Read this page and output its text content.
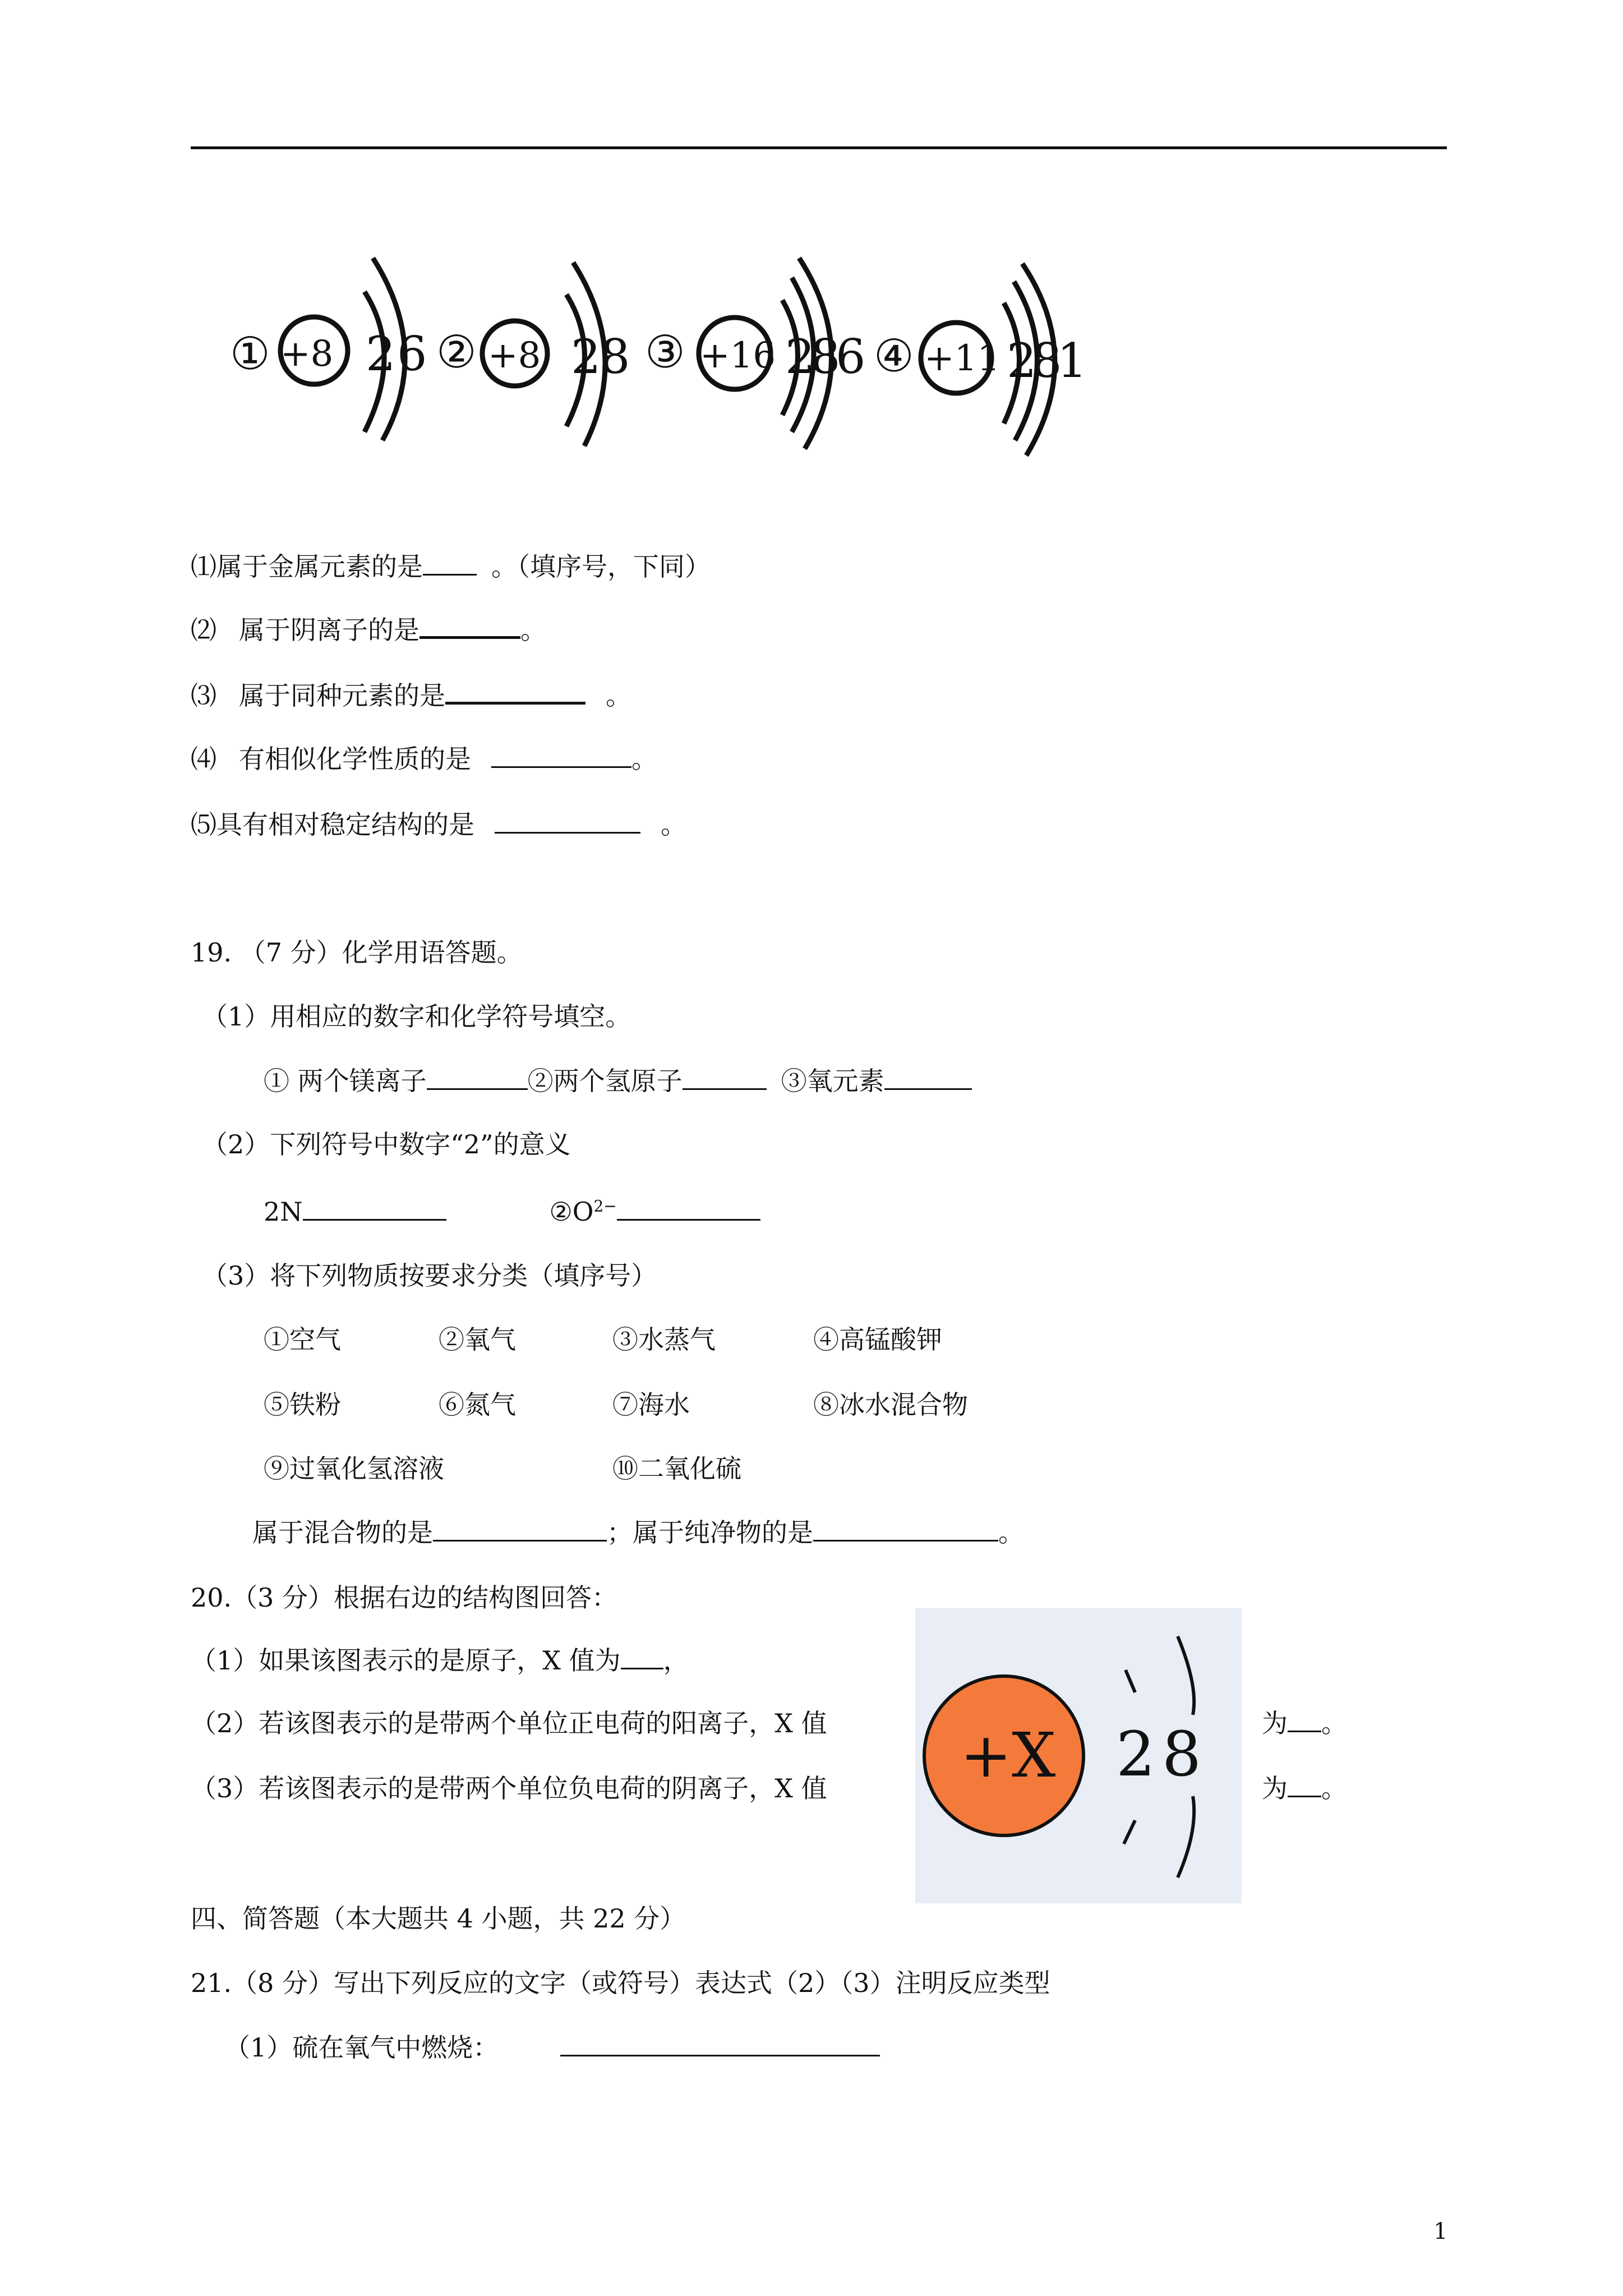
① +8 2 6 ② +8 2
8 ③ +16 2
8
6 ④ +11 2
8
1
⑴属于金属元素的是	。（填序号，下同）
⑵ 属于阴离子的是	。
⑶ 属于同种元素的是	。
⑷ 有相似化学性质的是	。
⑸具有相对稳定结构的是	。
19. （7 分）化学用语答题。
（1）用相应的数字和化学符号填空。
① 两个镁离子	②两个氢原子	③氧元素
（2）下列符号中数字“2”的意义
2N	$②O^{2-}$
（3）将下列物质按要求分类（填序号）
①空气	②氧气	③水蒸气	④高锰酸钾
⑤铁粉	⑥氮气	⑦海水	⑧冰水混合物
⑨过氧化氢溶液	⑩二氧化硫
属于混合物的是	；属于纯净物的是	。
20.（3 分）根据右边的结构图回答：
（1）如果该图表示的是原子，X 值为 ，
（2）若该图表示的是带两个单位正电荷的阳离子，X 值	为 。
（3）若该图表示的是带两个单位负电荷的阴离子，X 值	为 。
+X 2 8
四、简答题（本大题共 4 小题，共 22 分）
21.（8 分）写出下列反应的文字（或符号）表达式（2）（3）注明反应类型
（1）硫在氧气中燃烧：
1
